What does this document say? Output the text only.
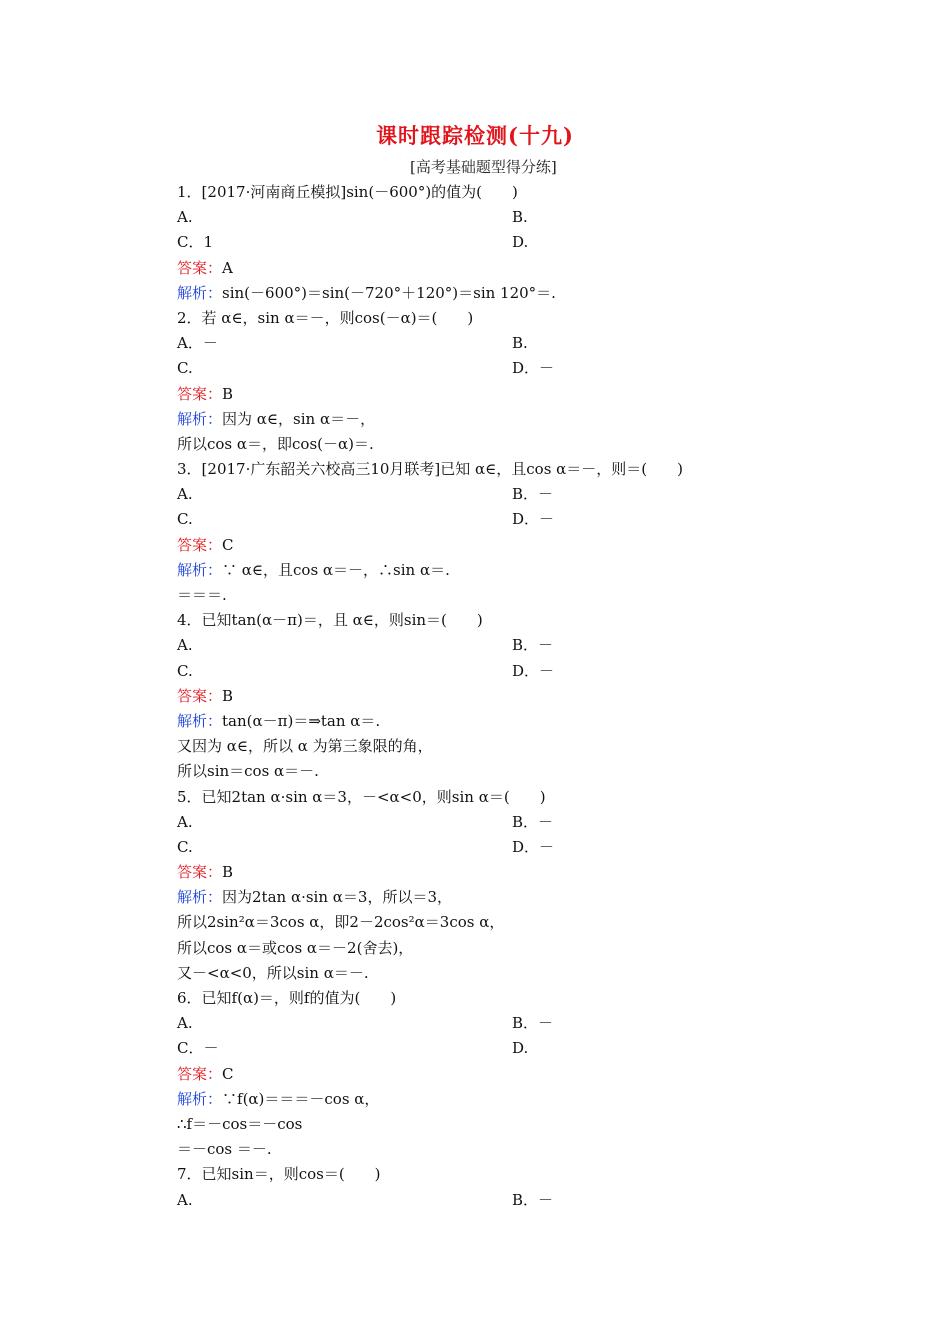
课时跟踪检测(十九)
[高考基础题型得分练]
1．[2017·河南商丘模拟]sin(－600°)的值为(　　)
A.	B.
C．1	D.
答案：A
解析：sin(－600°)＝sin(－720°＋120°)＝sin 120°＝.
2．若 α∈，sin α＝－，则cos(－α)＝(　　)
A．－	B.
C.	D．－
答案：B
解析：因为 α∈，sin α＝－，
所以cos α＝，即cos(－α)＝.
3．[2017·广东韶关六校高三10月联考]已知 α∈，且cos α＝－，则＝(　　)
A.	B．－
C.	D．－
答案：C
解析：∵ α∈，且cos α＝－，∴sin α＝.
＝＝＝.
4．已知tan(α－π)＝，且 α∈，则sin＝(　　)
A.	B．－
C.	D．－
答案：B
解析：tan(α－π)＝⇒tan α＝.
又因为 α∈，所以 α 为第三象限的角，
所以sin＝cos α＝－.
5．已知2tan α·sin α＝3，－<α<0，则sin α＝(　　)
A.	B．－
C.	D．－
答案：B
解析：因为2tan α·sin α＝3，所以＝3，
所以2sin²α＝3cos α，即2－2cos²α＝3cos α，
所以cos α＝或cos α＝－2(舍去)，
又－<α<0，所以sin α＝－.
6．已知f(α)＝，则f的值为(　　)
A.	B．－
C．－	D.
答案：C
解析：∵f(α)＝＝＝－cos α，
∴f＝－cos＝－cos
＝－cos ＝－.
7．已知sin＝，则cos＝(　　)
A.	B．－
